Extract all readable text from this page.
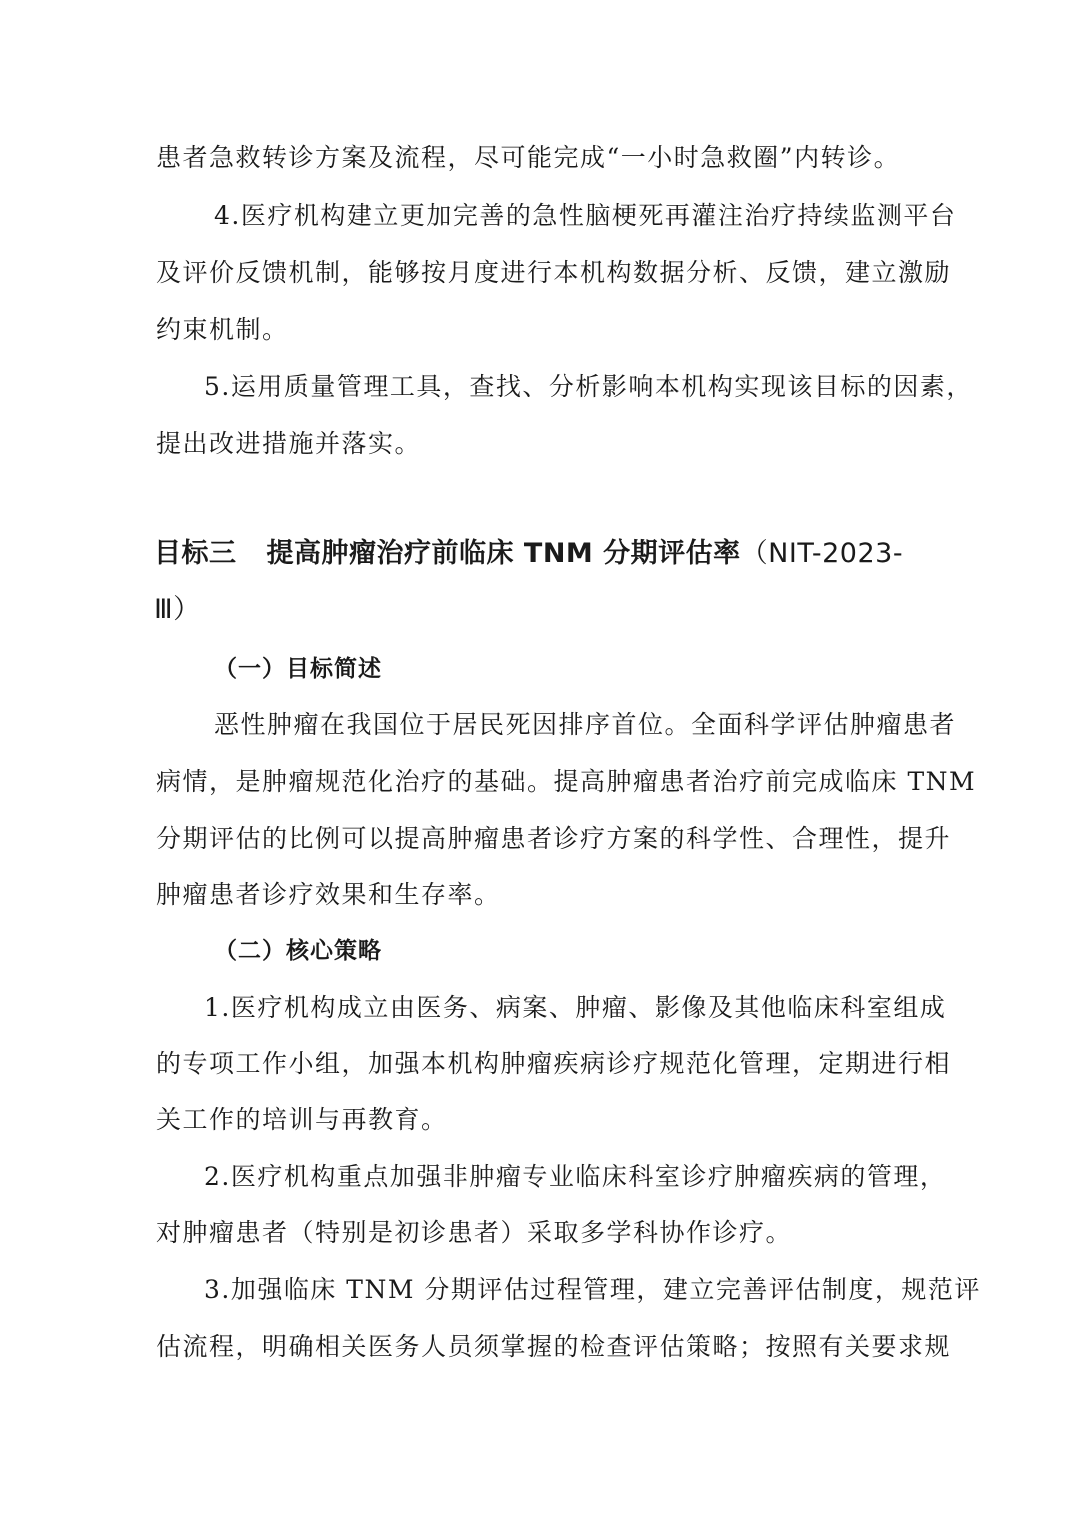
患者急救转诊方案及流程，尽可能完成“一小时急救圈”内转诊。
4.医疗机构建立更加完善的急性脑梗死再灌注治疗持续监测平台
及评价反馈机制，能够按月度进行本机构数据分析、反馈，建立激励
约束机制。
5.运用质量管理工具，查找、分析影响本机构实现该目标的因素，
提出改进措施并落实。
目标三 提高肿瘤治疗前临床 TNM 分期评估率（NIT-2023-
Ⅲ）
（一）目标简述
恶性肿瘤在我国位于居民死因排序首位。全面科学评估肿瘤患者
病情，是肿瘤规范化治疗的基础。提高肿瘤患者治疗前完成临床 TNM
分期评估的比例可以提高肿瘤患者诊疗方案的科学性、合理性，提升
肿瘤患者诊疗效果和生存率。
（二）核心策略
1.医疗机构成立由医务、病案、肿瘤、影像及其他临床科室组成
的专项工作小组，加强本机构肿瘤疾病诊疗规范化管理，定期进行相
关工作的培训与再教育。
2.医疗机构重点加强非肿瘤专业临床科室诊疗肿瘤疾病的管理，
对肿瘤患者（特别是初诊患者）采取多学科协作诊疗。
3.加强临床 TNM 分期评估过程管理，建立完善评估制度，规范评
估流程，明确相关医务人员须掌握的检查评估策略；按照有关要求规
